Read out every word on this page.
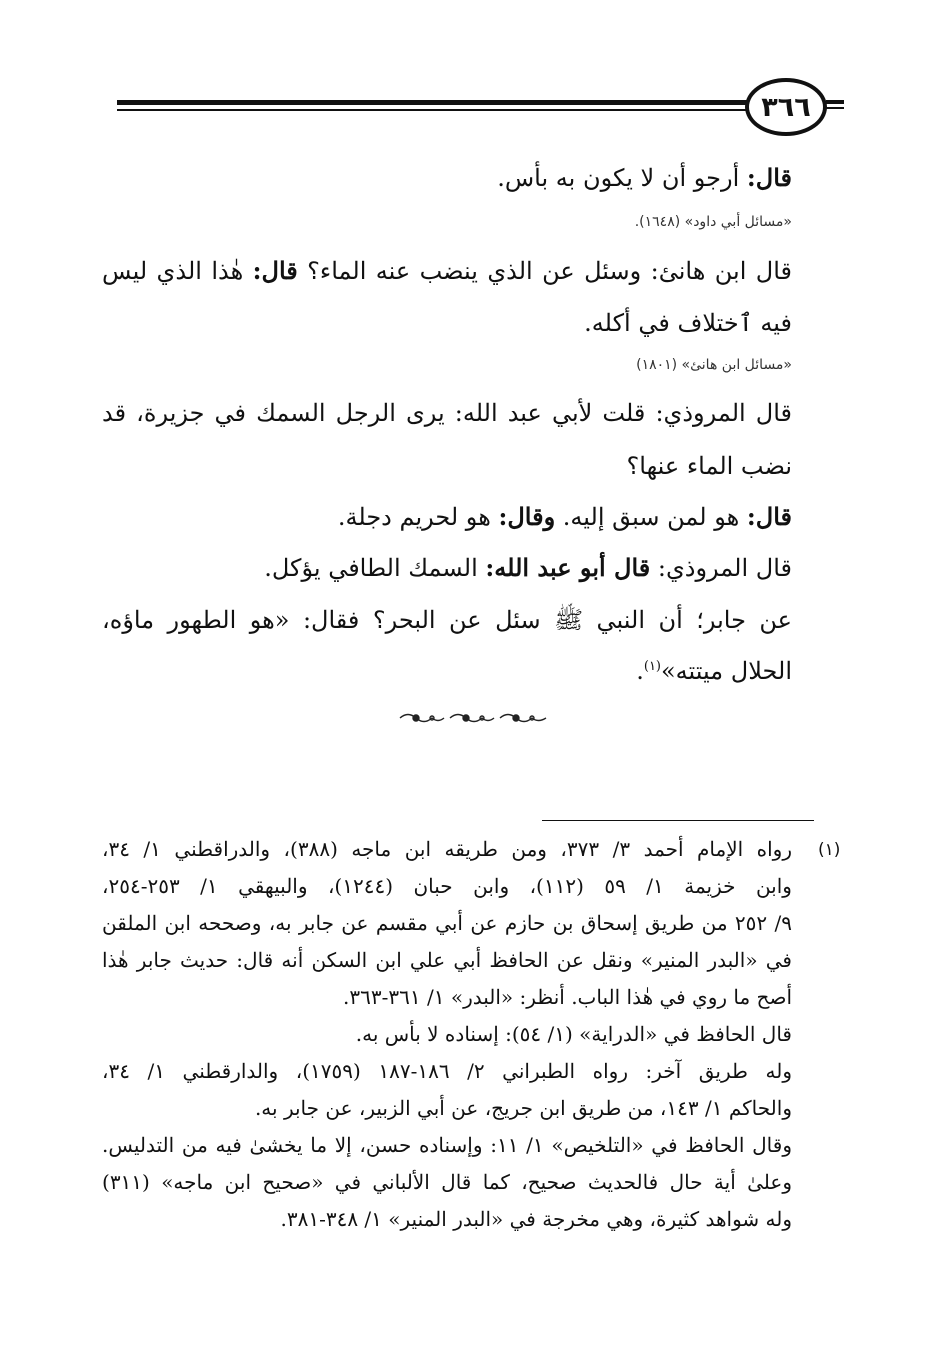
٣٦٦
قال: أرجو أن لا يكون به بأس.
«مسائل أبي داود» (١٦٤٨).
قال ابن هانئ: وسئل عن الذي ينضب عنه الماء؟ قال: هٰذا الذي ليس
فيه ٱختلاف في أكله.
«مسائل ابن هانئ» (١٨٠١)
قال المروذي: قلت لأبي عبد الله: يرى الرجل السمك في جزيرة، قد
نضب الماء عنها؟
قال: هو لمن سبق إليه. وقال: هو لحريم دجلة.
قال المروذي: قال أبو عبد الله: السمك الطافي يؤكل.
عن جابر؛ أن النبي ﷺ سئل عن البحر؟ فقال: «هو الطهور ماؤه،
الحلال ميتته»$^{(١)}$.
(١)
رواه الإمام أحمد ٣/ ٣٧٣، ومن طريقه ابن ماجه (٣٨٨)، والدراقطني ١/ ٣٤،
وابن خزيمة ١/ ٥٩ (١١٢)، وابن حبان (١٢٤٤)، والبيهقي ١/ ٢٥٣-٢٥٤،
٩/ ٢٥٢ من طريق إسحاق بن حازم عن أبي مقسم عن جابر به، وصححه ابن الملقن
في «البدر المنير» ونقل عن الحافظ أبي علي ابن السكن أنه قال: حديث جابر هٰذا
أصح ما روي في هٰذا الباب. أنظر: «البدر» ١/ ٣٦١-٣٦٣.
قال الحافظ في «الدراية» (١/ ٥٤): إسناده لا بأس به.
وله طريق آخر: رواه الطبراني ٢/ ١٨٦-١٨٧ (١٧٥٩)، والدارقطني ١/ ٣٤،
والحاكم ١/ ١٤٣، من طريق ابن جريج، عن أبي الزبير، عن جابر به.
وقال الحافظ في «التلخيص» ١/ ١١: وإسناده حسن، إلا ما يخشىٰ فيه من التدليس.
وعلىٰ أية حال فالحديث صحيح، كما قال الألباني في «صحيح ابن ماجه» (٣١١)
وله شواهد كثيرة، وهي مخرجة في «البدر المنير» ١/ ٣٤٨-٣٨١.
